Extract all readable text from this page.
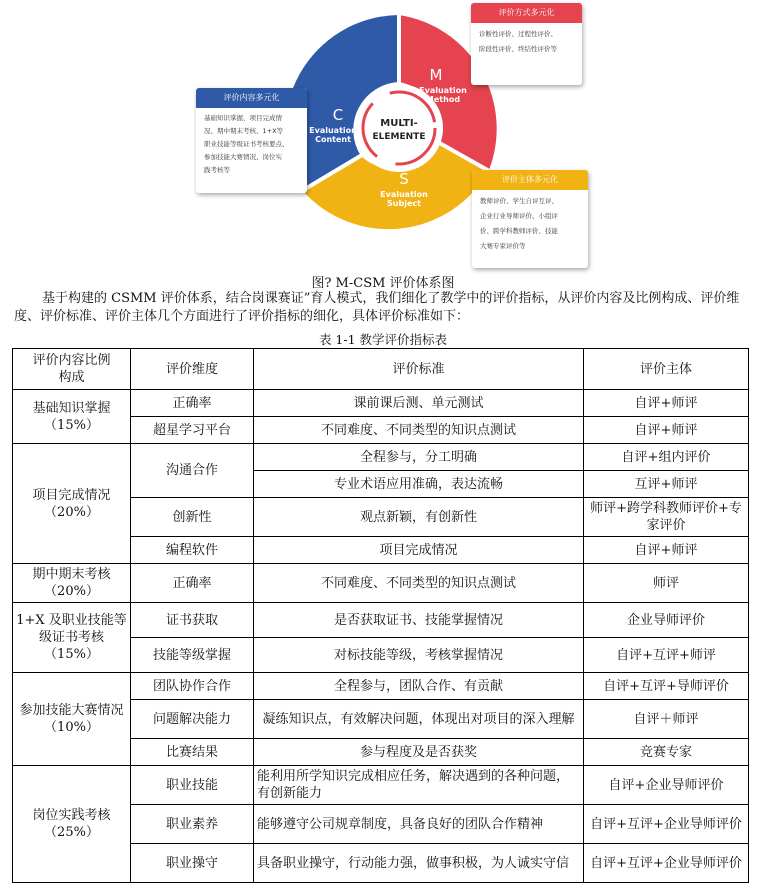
MULTI-
ELEMENTE
C
Evaluation
Content
M
Evaluation
Method
S
Evaluation
Subject
评价方式多元化
诊断性评价、过程性评价、
阶段性评价、终结性评价等
评价内容多元化
基础知识掌握、项目完成情
况、期中期末考核、1+X等
职业技能等级证书考核要点、
参加技能大赛情况、岗位实
践考核等
评价主体多元化
教师评价、学生自评互评、
企业行业导师评价、小组评
价、跨学科教师评价、技能
大赛专家评价等
图? M-CSM 评价体系图
基于构建的 CSMM 评价体系，结合岗课赛证”育人模式，我们细化了教学中的评价指标，从评价内容及比例构成、评价维度、评价标准、评价主体几个方面进行了评价指标的细化，具体评价标准如下：
表 1-1 教学评价指标表
评价内容比例构成	评价维度	评价标准	评价主体

基础知识掌握
（15%）	正确率	课前课后测、单元测试	自评+师评
	超星学习平台	不同难度、不同类型的知识点测试	自评+师评

项目完成情况
（20%）	沟通合作	全程参与，分工明确	自评+组内评价
		专业术语应用准确，表达流畅	互评+师评
	创新性	观点新颖，有创新性	师评+跨学科教师评价+专家评价

	编程软件	项目完成情况	自评+师评

期中期末考核
（20%）	正确率	不同难度、不同类型的知识点测试	师评

1+X 及职业技能等级证书考核
（15%）	证书获取	是否获取证书、技能掌握情况	企业导师评价
	技能等级掌握	对标技能等级，考核掌握情况	自评+互评+师评

参加技能大赛情况
（10%）	团队协作合作	全程参与，团队合作、有贡献	自评+互评+导师评价
	问题解决能力	凝练知识点，有效解决问题，体现出对项目的深入理解	自评＋师评
	比赛结果	参与程度及是否获奖	竞赛专家

岗位实践考核
（25%）	职业技能	能利用所学知识完成相应任务，解决遇到的各种问题，有创新能力	自评+企业导师评价
	职业素养	能够遵守公司规章制度，具备良好的团队合作精神	自评+互评+企业导师评价
	职业操守	具备职业操守，行动能力强，做事积极，为人诚实守信	自评+互评+企业导师评价
